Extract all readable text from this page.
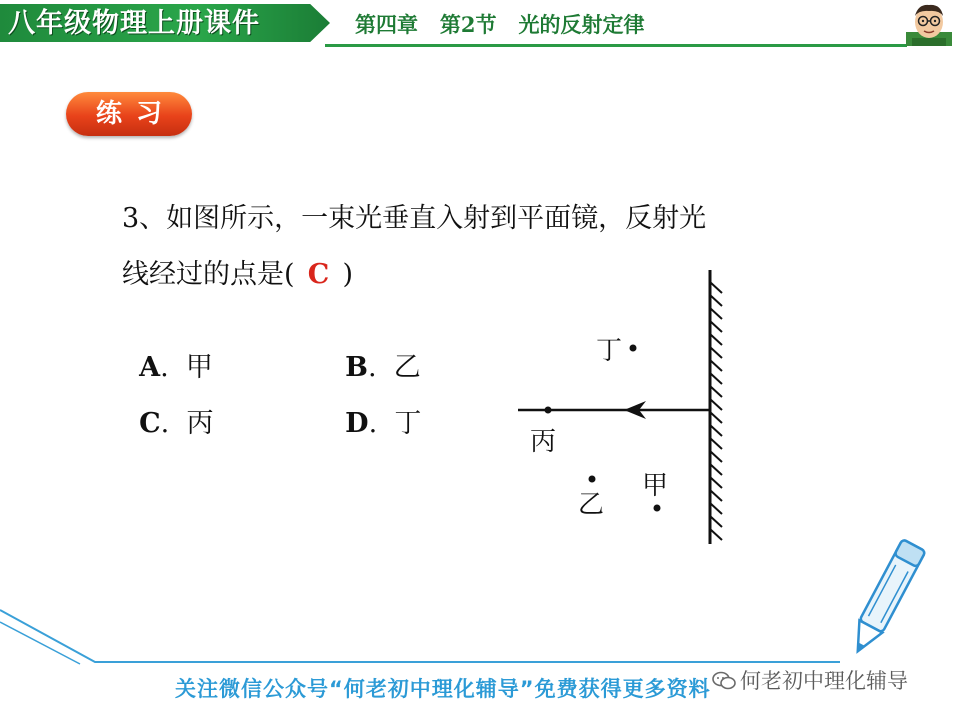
八年级物理上册课件	第四章   第2节   光的反射定律
练习
3、如图所示，一束光垂直入射到平面镜，反射光
线经过的点是( C )

A. 甲	B. 乙

C. 丙	D. 丁

丙
丁
乙
甲
关注微信公众号“何老初中理化辅导”免费获得更多资料	何老初中理化辅导
